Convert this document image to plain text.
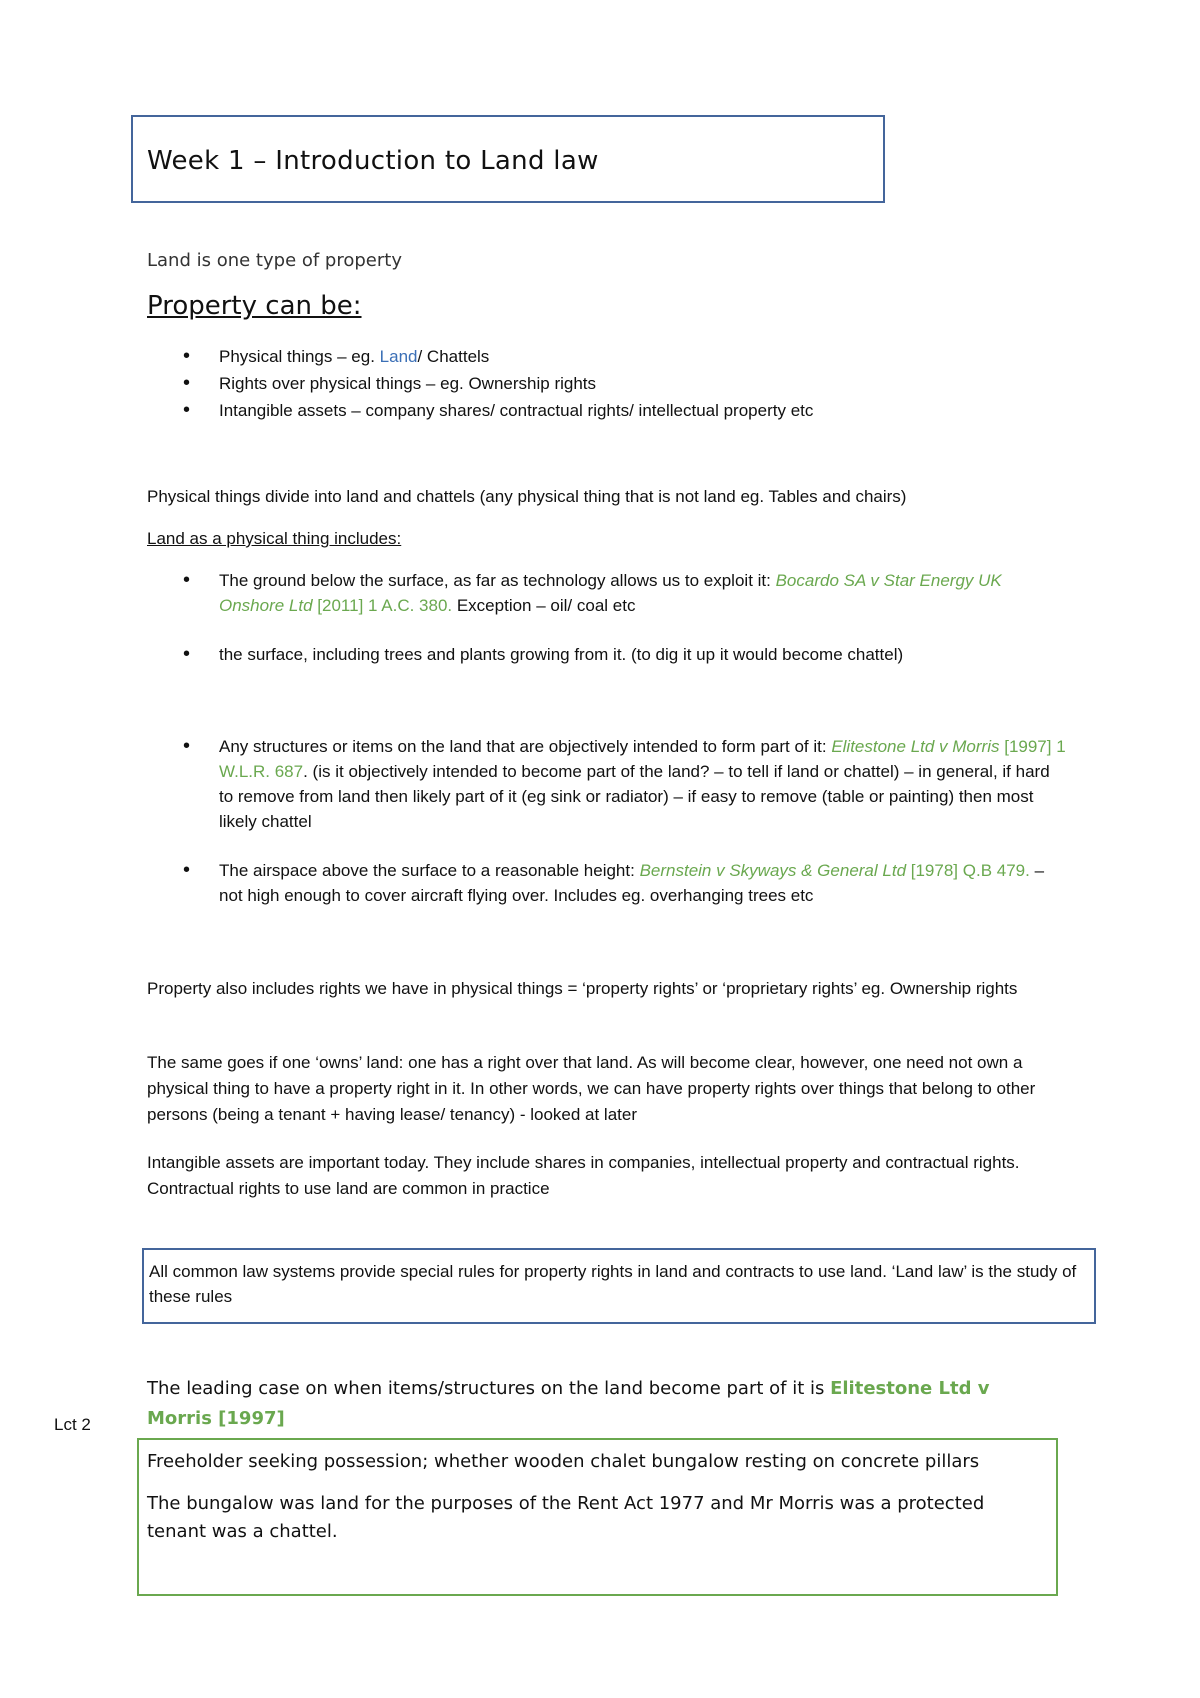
Week 1 – Introduction to Land law
Land is one type of property
Property can be:
• Physical things – eg. Land/ Chattels
• Rights over physical things – eg. Ownership rights
• Intangible assets – company shares/ contractual rights/ intellectual property etc
Physical things divide into land and chattels (any physical thing that is not land eg. Tables and chairs)
Land as a physical thing includes:
• The ground below the surface, as far as technology allows us to exploit it: Bocardo SA v Star Energy UK Onshore Ltd [2011] 1 A.C. 380. Exception – oil/ coal etc
• the surface, including trees and plants growing from it. (to dig it up it would become chattel)
• Any structures or items on the land that are objectively intended to form part of it: Elitestone Ltd v Morris [1997] 1 W.L.R. 687. (is it objectively intended to become part of the land? – to tell if land or chattel) – in general, if hard to remove from land then likely part of it (eg sink or radiator) – if easy to remove (table or painting) then most likely chattel
• The airspace above the surface to a reasonable height: Bernstein v Skyways & General Ltd [1978] Q.B 479. – not high enough to cover aircraft flying over. Includes eg. overhanging trees etc
Property also includes rights we have in physical things = ‘property rights’ or ‘proprietary rights’ eg. Ownership rights
The same goes if one ‘owns’ land: one has a right over that land. As will become clear, however, one need not own a physical thing to have a property right in it. In other words, we can have property rights over things that belong to other persons (being a tenant + having lease/ tenancy) - looked at later
Intangible assets are important today. They include shares in companies, intellectual property and contractual rights. Contractual rights to use land are common in practice
All common law systems provide special rules for property rights in land and contracts to use land. ‘Land law’ is the study of these rules
The leading case on when items/structures on the land become part of it is Elitestone Ltd v Morris [1997]
Lct 2
Freeholder seeking possession; whether wooden chalet bungalow resting on concrete pillars
The bungalow was land for the purposes of the Rent Act 1977 and Mr Morris was a protected tenant was a chattel.
